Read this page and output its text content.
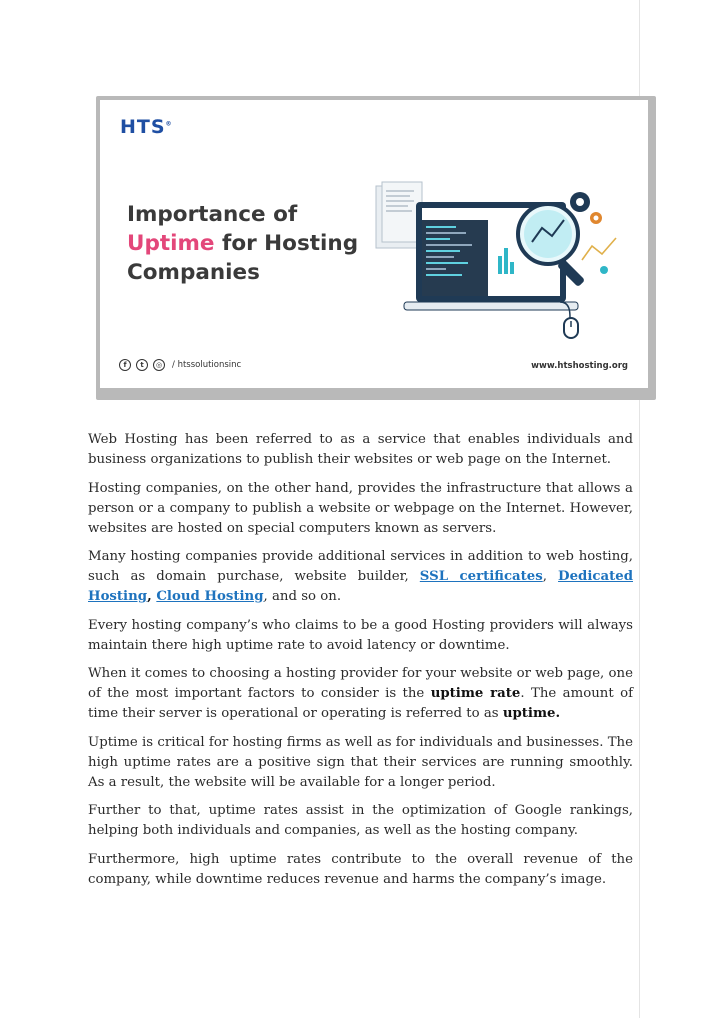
HTS®
Importance of
Uptime for Hosting
Companies
f	t	◎	/ htssolutionsinc	www.htshosting.org

Web Hosting has been referred to as a service that enables individuals and business organizations to publish their websites or web page on the Internet.

Hosting companies, on the other hand, provides the infrastructure that allows a person or a company to publish a website or webpage on the Internet. However, websites are hosted on special computers known as servers.

Many hosting companies provide additional services in addition to web hosting, such as domain purchase, website builder, SSL certificates, Dedicated Hosting, Cloud Hosting, and so on.

Every hosting company’s who claims to be a good Hosting providers will always maintain there high uptime rate to avoid latency or downtime.

When it comes to choosing a hosting provider for your website or web page, one of the most important factors to consider is the uptime rate. The amount of time their server is operational or operating is referred to as uptime.

Uptime is critical for hosting firms as well as for individuals and businesses. The high uptime rates are a positive sign that their services are running smoothly. As a result, the website will be available for a longer period.

Further to that, uptime rates assist in the optimization of Google rankings, helping both individuals and companies, as well as the hosting company.

Furthermore, high uptime rates contribute to the overall revenue of the company, while downtime reduces revenue and harms the company’s image.
